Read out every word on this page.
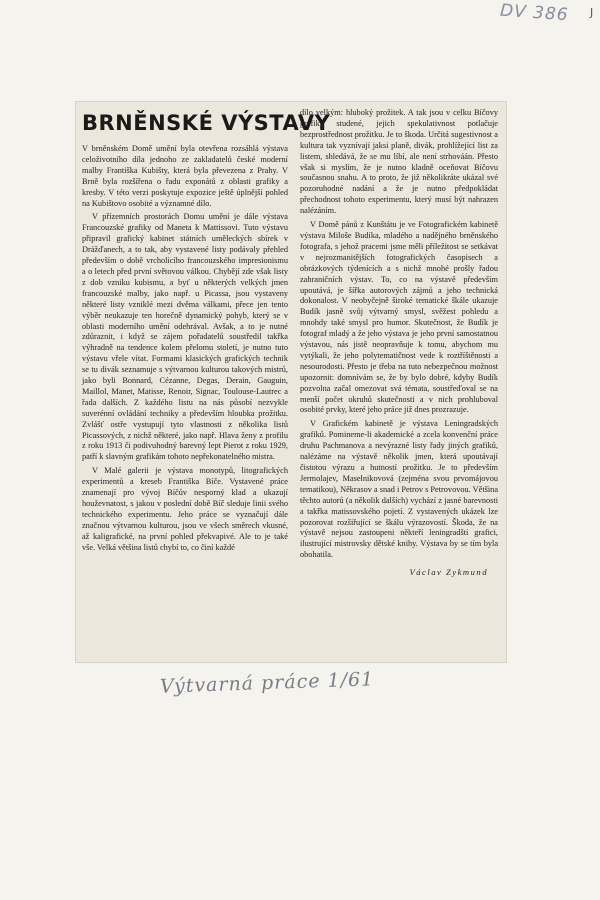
DV 386 J
BRNĚNSKÉ VÝSTAVY

V brněnském Domě umění byla otevřena rozsáhlá výstava celoživotního díla jednoho ze zakladatelů české moderní malby Františka Kubišty, která byla převezena z Prahy. V Brně byla rozšířena o řadu exponátů z oblasti grafiky a kresby. V této verzi poskytuje expozice ještě úplnější pohled na Kubištovo osobité a významné dílo.

V přízemních prostorách Domu umění je dále výstava Francouzské grafiky od Maneta k Mattissovi. Tuto výstavu připravil grafický kabinet státních uměleckých sbírek v Drážďanech, a to tak, aby vystavené listy podávaly přehled především o době vrcholícího francouzského impresionismu a o letech před první světovou válkou. Chybějí zde však listy z dob vzniku kubismu, a byť u některých velkých jmen francouzské malby, jako např. u Picassa, jsou vystaveny některé listy vzniklé mezi dvěma válkami, přece jen tento výběr neukazuje ten horečně dynamický pohyb, který se v oblasti moderního umění odehrával. Avšak, a to je nutné zdůraznit, i když se zájem pořadatelů soustředil takřka výhradně na tendence kolem přelomu století, je nutno tuto výstavu vřele vítat. Formami klasických grafických technik se tu divák seznamuje s výtvarnou kulturou takových mistrů, jako byli Bonnard, Cézanne, Degas, Derain, Gauguin, Maillol, Manet, Matisse, Renoir, Signac, Toulouse-Lautrec a řada dalších. Z každého listu na nás působí nezvykle suverénní ovládání techniky a především hloubka prožitku. Zvlášť ostře vystupují tyto vlastnosti z několika listů Picassových, z nichž některé, jako např. Hlava ženy z profilu z roku 1913 či podivuhodný barevný lept Pierot z roku 1929, patří k slavným grafikám tohoto nepřekonatelného mistra.

V Malé galerii je výstava monotypů, litografických experimentů a kreseb Františka Bíče. Vystavené práce znamenají pro vývoj Bíčův nesporný klad a ukazují houževnatost, s jakou v poslední době Bíč sleduje linii svého technického experimentu. Jeho práce se vyznačují dále značnou výtvarnou kulturou, jsou ve všech směrech vkusné, až kaligrafické, na první pohled překvapivé. Ale to je také vše. Velká většina listů chybí to, co činí každé

dílo velkým: hluboký prožitek. A tak jsou v celku Bíčovy grafiky studené, jejich spekulativnost potlačuje bezprostřednost prožitku. Je to škoda. Určitá sugestivnost a kultura tak vyznívají jaksi planě, divák, prohlížející list za listem, shledává, že se mu líbí, ale není strhováán. Přesto však si myslím, že je nutno kladně oceňovat Bíčovu současnou snahu. A to proto, že již několikráte ukázal své pozoruhodné nadání a že je nutno předpokládat přechodnost tohoto experimentu, který musí být nahrazen nalézáním.

V Domě pánů z Kunštátu je ve Fotografickém kabinetě výstava Miloše Budíka, mladého a nadějného brněnského fotografa, s jehož pracemi jsme měli příležitost se setkávat v nejrozmanitějších fotografických časopisech a obrázkových týdenících a s nichž mnohé prošly řadou zahraničních výstav. To, co na výstavě především upoutává, je šířka autorových zájmů a jeho technická dokonalost. V neobyčejně široké tematické škále ukazuje Budík jasně svůj výtvarný smysl, svěžest pohledu a mnohdy také smysl pro humor. Skutečnost, že Budík je fotograf mladý a že jeho výstava je jeho první samostatnou výstavou, nás jistě neopravňuje k tomu, abychom mu vytýkali, že jeho polytematičnost vede k roztříštěnosti a nesourodosti. Přesto je třeba na tuto nebezpečnou možnost upozornit: domnívám se, že by bylo dobré, kdyby Budík pozvolna začal omezovat svá témata, soustřeďoval se na menší počet okruhů skutečnosti a v nich prohluboval osobité prvky, které jeho práce již dnes prozrazuje.

V Grafickém kabinetě je výstava Leningradských grafiků. Pomineme-li akademické a zcela konvenční práce druhu Pachmanova a nevýrazné listy řady jiných grafiků, nalézáme na výstavě několik jmen, která upoutávají čistotou výrazu a hutností prožitku. Je to především Jermolajev, Maselnikovová (zejména svou prvomájovou tematikou), Někrasov a snad i Petrov s Petrovovou. Většina těchto autorů (a několik dalších) vychází z jasné barevnosti a takřka matissovského pojetí. Z vystavených ukázek lze pozorovat rozšiřující se škálu výrazovostí. Škoda, že na výstavě nejsou zastoupeni někteří leningradští grafici, ilustrující mistrovsky dětské knihy. Výstava by se tím byla obohatila.

Václav Zykmund
Výtvarná práce 1/61
